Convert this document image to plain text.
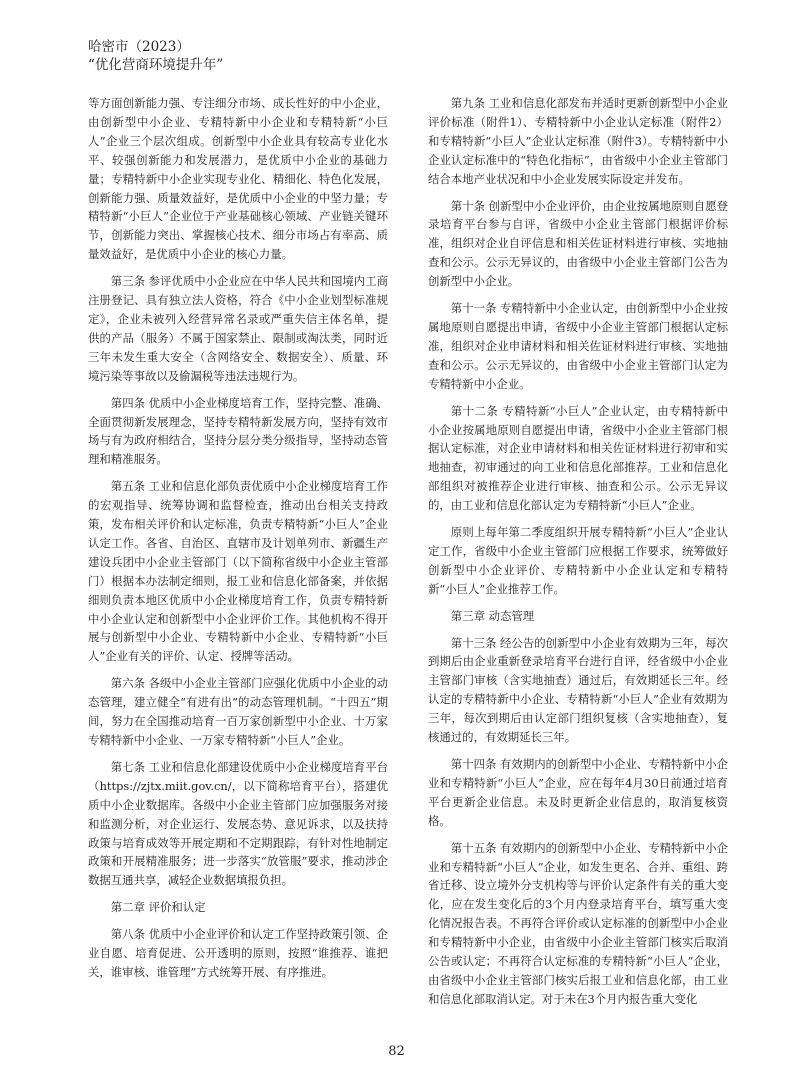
哈密市（2023）
“优化营商环境提升年”

等方面创新能力强、专注细分市场、成长性好的中小企业，由创新型中小企业、专精特新中小企业和专精特新“小巨人”企业三个层次组成。创新型中小企业具有较高专业化水平、较强创新能力和发展潜力，是优质中小企业的基础力量；专精特新中小企业实现专业化、精细化、特色化发展，创新能力强、质量效益好，是优质中小企业的中坚力量；专精特新“小巨人”企业位于产业基础核心领域、产业链关键环节，创新能力突出、掌握核心技术、细分市场占有率高、质量效益好，是优质中小企业的核心力量。

第三条 参评优质中小企业应在中华人民共和国境内工商注册登记、具有独立法人资格，符合《中小企业划型标准规定》，企业未被列入经营异常名录或严重失信主体名单，提供的产品（服务）不属于国家禁止、限制或淘汰类，同时近三年未发生重大安全（含网络安全、数据安全）、质量、环境污染等事故以及偷漏税等违法违规行为。

第四条 优质中小企业梯度培育工作，坚持完整、准确、全面贯彻新发展理念，坚持专精特新发展方向，坚持有效市场与有为政府相结合，坚持分层分类分级指导，坚持动态管理和精准服务。

第五条 工业和信息化部负责优质中小企业梯度培育工作的宏观指导、统筹协调和监督检查，推动出台相关支持政策，发布相关评价和认定标准，负责专精特新“小巨人”企业认定工作。各省、自治区、直辖市及计划单列市、新疆生产建设兵团中小企业主管部门（以下简称省级中小企业主管部门）根据本办法制定细则，报工业和信息化部备案，并依据细则负责本地区优质中小企业梯度培育工作，负责专精特新中小企业认定和创新型中小企业评价工作。其他机构不得开展与创新型中小企业、专精特新中小企业、专精特新“小巨人”企业有关的评价、认定、授牌等活动。

第六条 各级中小企业主管部门应强化优质中小企业的动态管理，建立健全“有进有出”的动态管理机制。“十四五”期间，努力在全国推动培育一百万家创新型中小企业、十万家专精特新中小企业、一万家专精特新“小巨人”企业。

第七条 工业和信息化部建设优质中小企业梯度培育平台（https://zjtx.miit.gov.cn/，以下简称培育平台），搭建优质中小企业数据库。各级中小企业主管部门应加强服务对接和监测分析，对企业运行、发展态势、意见诉求，以及扶持政策与培育成效等开展定期和不定期跟踪，有针对性地制定政策和开展精准服务；进一步落实“放管服”要求，推动涉企数据互通共享，减轻企业数据填报负担。

第二章 评价和认定

第八条 优质中小企业评价和认定工作坚持政策引领、企业自愿、培育促进、公开透明的原则，按照“谁推荐、谁把关，谁审核、谁管理”方式统筹开展、有序推进。

第九条 工业和信息化部发布并适时更新创新型中小企业评价标准（附件1）、专精特新中小企业认定标准（附件2）和专精特新“小巨人”企业认定标准（附件3）。专精特新中小企业认定标准中的“特色化指标”，由省级中小企业主管部门结合本地产业状况和中小企业发展实际设定并发布。

第十条 创新型中小企业评价，由企业按属地原则自愿登录培育平台参与自评，省级中小企业主管部门根据评价标准，组织对企业自评信息和相关佐证材料进行审核、实地抽查和公示。公示无异议的，由省级中小企业主管部门公告为创新型中小企业。

第十一条 专精特新中小企业认定，由创新型中小企业按属地原则自愿提出申请，省级中小企业主管部门根据认定标准，组织对企业申请材料和相关佐证材料进行审核、实地抽查和公示。公示无异议的，由省级中小企业主管部门认定为专精特新中小企业。

第十二条 专精特新“小巨人”企业认定，由专精特新中小企业按属地原则自愿提出申请，省级中小企业主管部门根据认定标准，对企业申请材料和相关佐证材料进行初审和实地抽查，初审通过的向工业和信息化部推荐。工业和信息化部组织对被推荐企业进行审核、抽查和公示。公示无异议的，由工业和信息化部认定为专精特新“小巨人”企业。

原则上每年第二季度组织开展专精特新“小巨人”企业认定工作，省级中小企业主管部门应根据工作要求，统筹做好创新型中小企业评价、专精特新中小企业认定和专精特新“小巨人”企业推荐工作。

第三章 动态管理

第十三条 经公告的创新型中小企业有效期为三年，每次到期后由企业重新登录培育平台进行自评，经省级中小企业主管部门审核（含实地抽查）通过后，有效期延长三年。经认定的专精特新中小企业、专精特新“小巨人”企业有效期为三年，每次到期后由认定部门组织复核（含实地抽查），复核通过的，有效期延长三年。

第十四条 有效期内的创新型中小企业、专精特新中小企业和专精特新“小巨人”企业，应在每年4月30日前通过培育平台更新企业信息。未及时更新企业信息的，取消复核资格。

第十五条 有效期内的创新型中小企业、专精特新中小企业和专精特新“小巨人”企业，如发生更名、合并、重组、跨省迁移、设立境外分支机构等与评价认定条件有关的重大变化，应在发生变化后的3个月内登录培育平台，填写重大变化情况报告表。不再符合评价或认定标准的创新型中小企业和专精特新中小企业，由省级中小企业主管部门核实后取消公告或认定；不再符合认定标准的专精特新“小巨人”企业，由省级中小企业主管部门核实后报工业和信息化部，由工业和信息化部取消认定。对于未在3个月内报告重大变化

82
